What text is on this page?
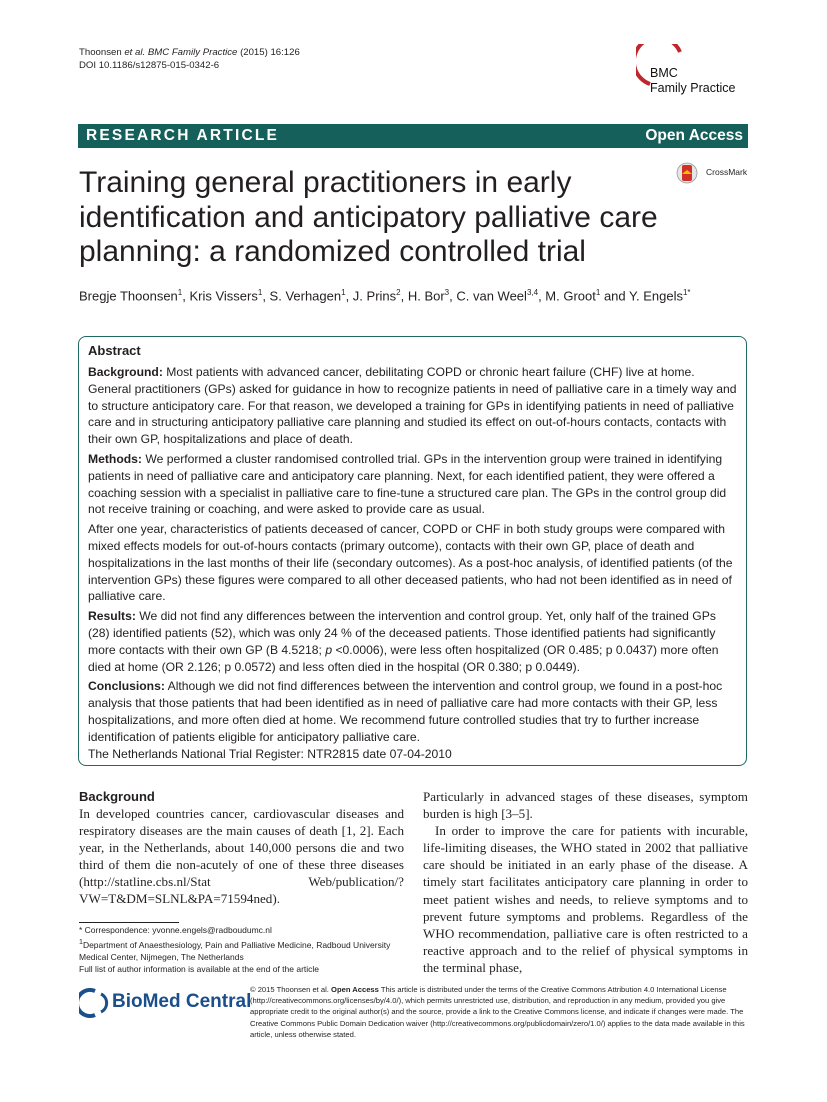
Thoonsen et al. BMC Family Practice (2015) 16:126
DOI 10.1186/s12875-015-0342-6
BMC
Family Practice
RESEARCH ARTICLE	Open Access
CrossMark
Training general practitioners in early identification and anticipatory palliative care planning: a randomized controlled trial
Bregje Thoonsen$^1$, Kris Vissers$^1$, S. Verhagen$^1$, J. Prins$^2$, H. Bor$^3$, C. van Weel$^{3,4}$, M. Groot$^1$ and Y. Engels$^{1*}$
Abstract

Background: Most patients with advanced cancer, debilitating COPD or chronic heart failure (CHF) live at home. General practitioners (GPs) asked for guidance in how to recognize patients in need of palliative care in a timely way and to structure anticipatory care. For that reason, we developed a training for GPs in identifying patients in need of palliative care and in structuring anticipatory palliative care planning and studied its effect on out-of-hours contacts, contacts with their own GP, hospitalizations and place of death.

Methods: We performed a cluster randomised controlled trial. GPs in the intervention group were trained in identifying patients in need of palliative care and anticipatory care planning. Next, for each identified patient, they were offered a coaching session with a specialist in palliative care to fine-tune a structured care plan. The GPs in the control group did not receive training or coaching, and were asked to provide care as usual.

After one year, characteristics of patients deceased of cancer, COPD or CHF in both study groups were compared with mixed effects models for out-of-hours contacts (primary outcome), contacts with their own GP, place of death and hospitalizations in the last months of their life (secondary outcomes). As a post-hoc analysis, of identified patients (of the intervention GPs) these figures were compared to all other deceased patients, who had not been identified as in need of palliative care.

Results: We did not find any differences between the intervention and control group. Yet, only half of the trained GPs (28) identified patients (52), which was only 24 % of the deceased patients. Those identified patients had significantly more contacts with their own GP (B 4.5218; p <0.0006), were less often hospitalized (OR 0.485; p 0.0437) more often died at home (OR 2.126; p 0.0572) and less often died in the hospital (OR 0.380; p 0.0449).

Conclusions: Although we did not find differences between the intervention and control group, we found in a post-hoc analysis that those patients that had been identified as in need of palliative care had more contacts with their GP, less hospitalizations, and more often died at home. We recommend future controlled studies that try to further increase identification of patients eligible for anticipatory palliative care.

The Netherlands National Trial Register: NTR2815 date 07-04-2010

Background

In developed countries cancer, cardiovascular diseases and respiratory diseases are the main causes of death [1, 2]. Each year, in the Netherlands, about 140,000 persons die and two third of them die non-acutely of one of these three diseases (http://statline.cbs.nl/Stat Web/publication/?VW=T&DM=SLNL&PA=71594ned).

Particularly in advanced stages of these diseases, symptom burden is high [3–5].

In order to improve the care for patients with incurable, life-limiting diseases, the WHO stated in 2002 that palliative care should be initiated in an early phase of the disease. A timely start facilitates anticipatory care planning in order to meet patient wishes and needs, to relieve symptoms and to prevent future symptoms and problems. Regardless of the WHO recommendation, palliative care is often restricted to a reactive approach and to the relief of physical symptoms in the terminal phase,

* Correspondence: yvonne.engels@radboudumc.nl

$^1$Department of Anaesthesiology, Pain and Palliative Medicine, Radboud University Medical Center, Nijmegen, The Netherlands

Full list of author information is available at the end of the article

BioMed Central
© 2015 Thoonsen et al. Open Access This article is distributed under the terms of the Creative Commons Attribution 4.0 International License (http://creativecommons.org/licenses/by/4.0/), which permits unrestricted use, distribution, and reproduction in any medium, provided you give appropriate credit to the original author(s) and the source, provide a link to the Creative Commons license, and indicate if changes were made. The Creative Commons Public Domain Dedication waiver (http://creativecommons.org/publicdomain/zero/1.0/) applies to the data made available in this article, unless otherwise stated.
